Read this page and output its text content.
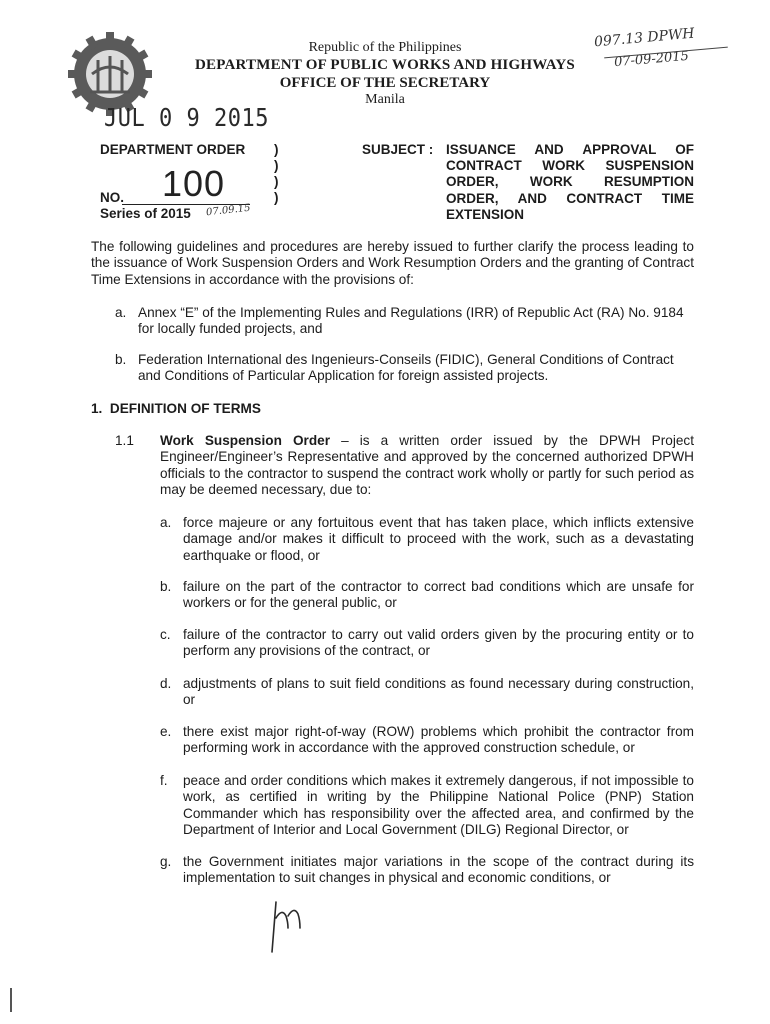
Republic of the Philippines
DEPARTMENT OF PUBLIC WORKS AND HIGHWAYS
OFFICE OF THE SECRETARY
Manila
JUL 0 9 2015
097.13 DPWH
07-09-2015
DEPARTMENT ORDER
100
NO.
Series of 2015 07.09.15
)
)
)
)
SUBJECT : ISSUANCE AND APPROVAL OF CONTRACT WORK SUSPENSION ORDER, WORK RESUMPTION ORDER, AND CONTRACT TIME EXTENSION
The following guidelines and procedures are hereby issued to further clarify the process leading to the issuance of Work Suspension Orders and Work Resumption Orders and the granting of Contract Time Extensions in accordance with the provisions of:
a. Annex “E” of the Implementing Rules and Regulations (IRR) of Republic Act (RA) No. 9184 for locally funded projects, and
b. Federation International des Ingenieurs-Conseils (FIDIC), General Conditions of Contract and Conditions of Particular Application for foreign assisted projects.
1.  DEFINITION OF TERMS
1.1 Work Suspension Order – is a written order issued by the DPWH Project Engineer/Engineer’s Representative and approved by the concerned authorized DPWH officials to the contractor to suspend the contract work wholly or partly for such period as may be deemed necessary, due to:
a. force majeure or any fortuitous event that has taken place, which inflicts extensive damage and/or makes it difficult to proceed with the work, such as a devastating earthquake or flood, or
b. failure on the part of the contractor to correct bad conditions which are unsafe for workers or for the general public, or
c. failure of the contractor to carry out valid orders given by the procuring entity or to perform any provisions of the contract, or
d. adjustments of plans to suit field conditions as found necessary during construction, or
e. there exist major right-of-way (ROW) problems which prohibit the contractor from performing work in accordance with the approved construction schedule, or
f. peace and order conditions which makes it extremely dangerous, if not impossible to work, as certified in writing by the Philippine National Police (PNP) Station Commander which has responsibility over the affected area, and confirmed by the Department of Interior and Local Government (DILG) Regional Director, or
g. the Government initiates major variations in the scope of the contract during its implementation to suit changes in physical and economic conditions, or
